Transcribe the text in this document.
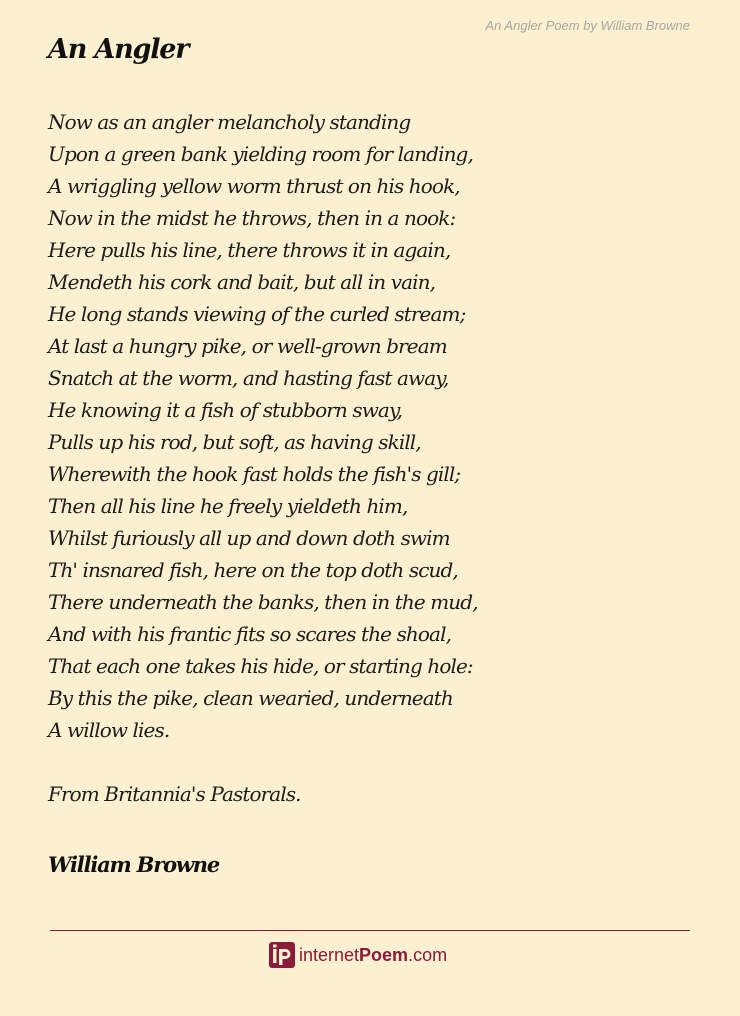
An Angler Poem by William Browne
An Angler
Now as an angler melancholy standing
Upon a green bank yielding room for landing,
A wriggling yellow worm thrust on his hook,
Now in the midst he throws, then in a nook:
Here pulls his line, there throws it in again,
Mendeth his cork and bait, but all in vain,
He long stands viewing of the curled stream;
At last a hungry pike, or well-grown bream
Snatch at the worm, and hasting fast away,
He knowing it a fish of stubborn sway,
Pulls up his rod, but soft, as having skill,
Wherewith the hook fast holds the fish's gill;
Then all his line he freely yieldeth him,
Whilst furiously all up and down doth swim
Th' insnared fish, here on the top doth scud,
There underneath the banks, then in the mud,
And with his frantic fits so scares the shoal,
That each one takes his hide, or starting hole:
By this the pike, clean wearied, underneath
A willow lies.
From Britannia's Pastorals.
William Browne
internetPoem.com
